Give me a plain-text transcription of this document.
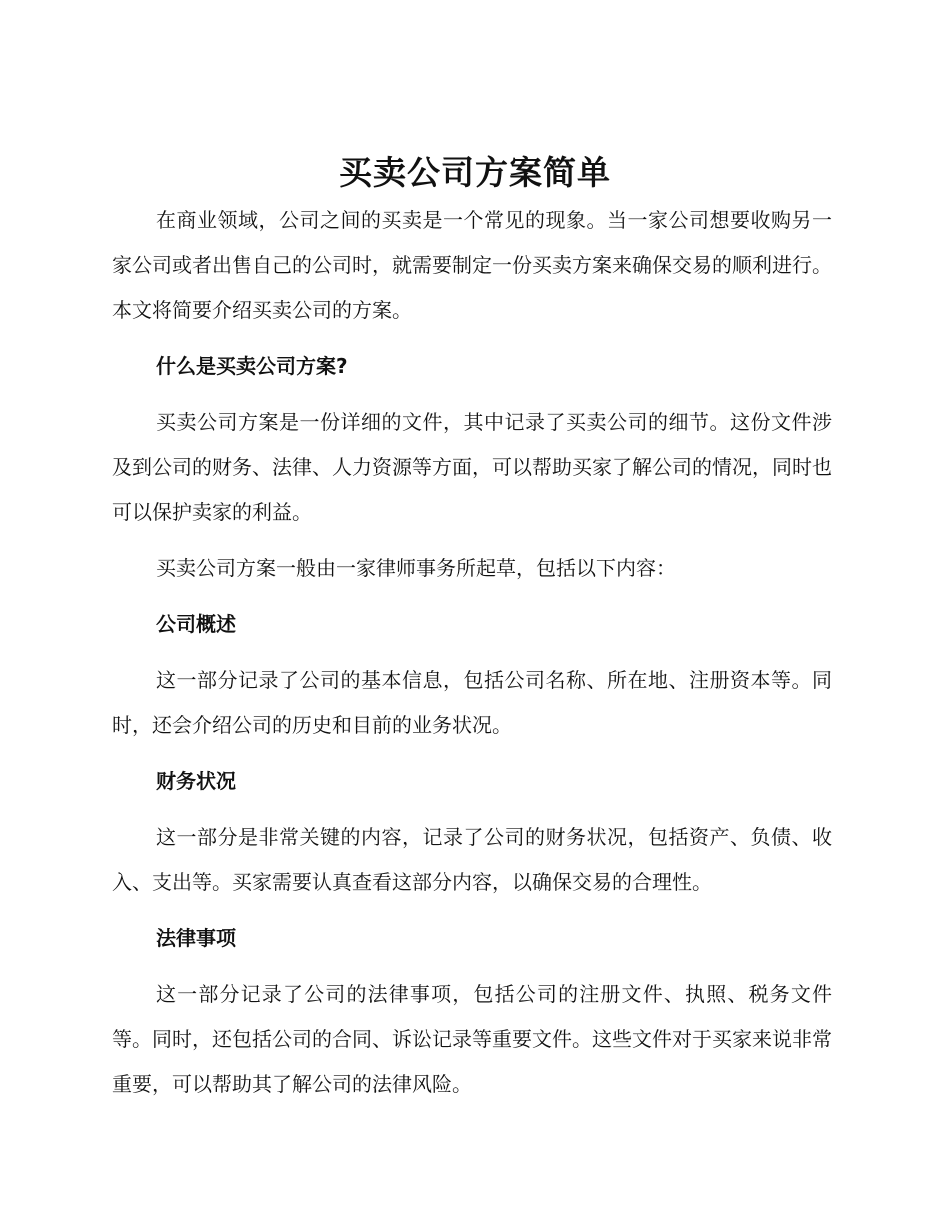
买卖公司方案简单

在商业领域，公司之间的买卖是一个常见的现象。当一家公司想要收购另一家公司或者出售自己的公司时，就需要制定一份买卖方案来确保交易的顺利进行。本文将简要介绍买卖公司的方案。

什么是买卖公司方案?

买卖公司方案是一份详细的文件，其中记录了买卖公司的细节。这份文件涉及到公司的财务、法律、人力资源等方面，可以帮助买家了解公司的情况，同时也可以保护卖家的利益。

买卖公司方案一般由一家律师事务所起草，包括以下内容：

公司概述

这一部分记录了公司的基本信息，包括公司名称、所在地、注册资本等。同时，还会介绍公司的历史和目前的业务状况。

财务状况

这一部分是非常关键的内容，记录了公司的财务状况，包括资产、负债、收入、支出等。买家需要认真查看这部分内容，以确保交易的合理性。

法律事项

这一部分记录了公司的法律事项，包括公司的注册文件、执照、税务文件等。同时，还包括公司的合同、诉讼记录等重要文件。这些文件对于买家来说非常重要，可以帮助其了解公司的法律风险。
